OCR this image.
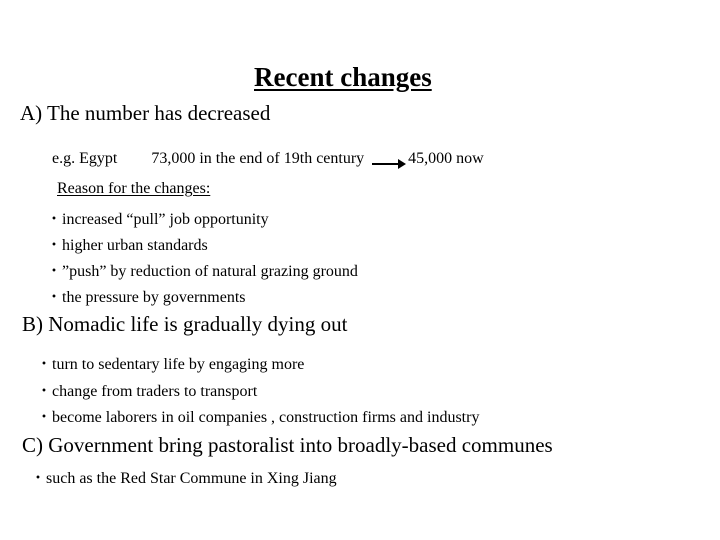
Recent changes
A) The number has decreased
e.g. Egypt 73,000 in the end of 19th century	45,000 now
Reason for the changes:
・increased “pull” job opportunity
・higher urban standards
・”push” by reduction of natural grazing ground
・the pressure by governments
B) Nomadic life is gradually dying out
・turn to sedentary life by engaging more
・change from traders to transport
・become laborers in oil companies , construction firms and industry
C) Government bring pastoralist into broadly-based communes
・such as the Red Star Commune in Xing Jiang
